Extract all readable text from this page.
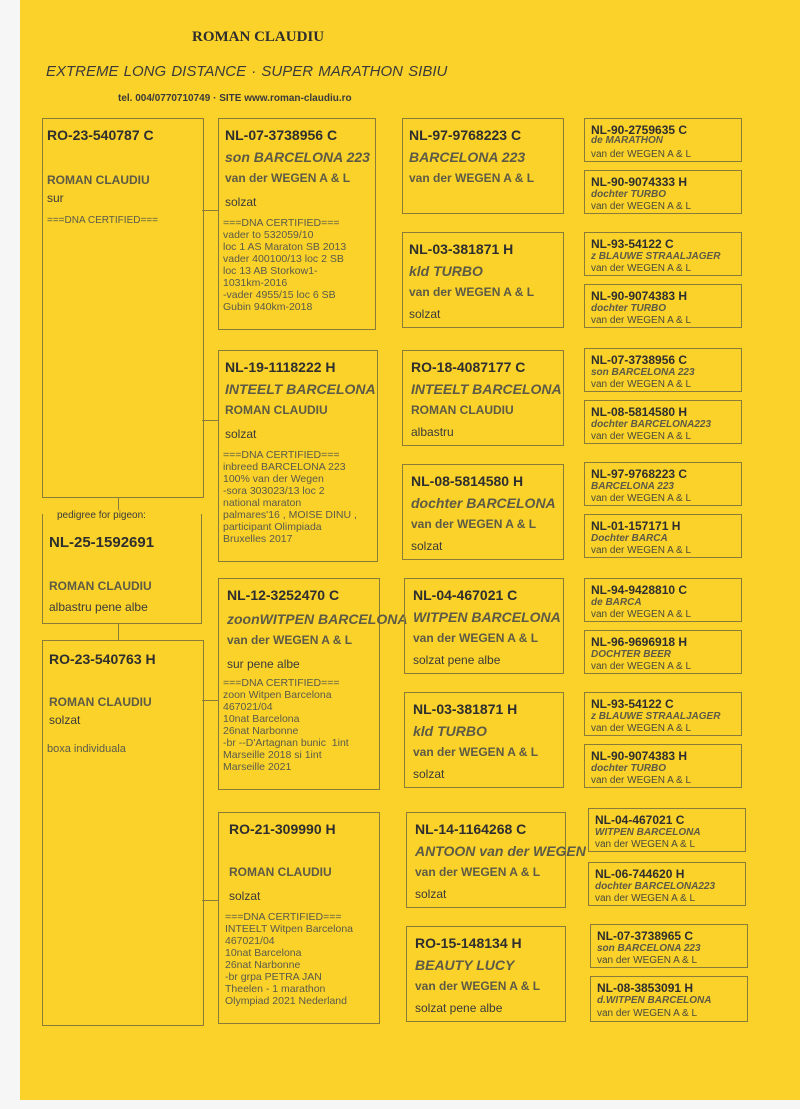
ROMAN CLAUDIU
EXTREME LONG DISTANCE · SUPER MARATHON SIBIU
tel. 004/0770710749 · SITE www.roman-claudiu.ro
RO-23-540787 C
ROMAN CLAUDIU
sur
===DNA CERTIFIED===
pedigree for pigeon:
NL-25-1592691
ROMAN CLAUDIU
albastru pene albe
RO-23-540763 H
ROMAN CLAUDIU
solzat
boxa individuala
NL-07-3738956 C
son BARCELONA 223
van der WEGEN A & L
solzat
===DNA CERTIFIED===
vader to 532059/10
loc 1 AS Maraton SB 2013
vader 400100/13 loc 2 SB
loc 13 AB Storkow1-
1031km-2016
-vader 4955/15 loc 6 SB
Gubin 940km-2018
NL-19-1118222 H
INTEELT BARCELONA
ROMAN CLAUDIU
solzat
===DNA CERTIFIED===
inbreed BARCELONA 223
100% van der Wegen
-sora 303023/13 loc 2
national maraton
palmares'16 , MOISE DINU ,
participant Olimpiada
Bruxelles 2017
NL-12-3252470 C
zoonWITPEN BARCELONA
van der WEGEN A & L
sur pene albe
===DNA CERTIFIED===
zoon Witpen Barcelona
467021/04
10nat Barcelona
26nat Narbonne
-br --D'Artagnan bunic  1int
Marseille 2018 si 1int
Marseille 2021
RO-21-309990 H
ROMAN CLAUDIU
solzat
===DNA CERTIFIED===
INTEELT Witpen Barcelona
467021/04
10nat Barcelona
26nat Narbonne
-br grpa PETRA JAN
Theelen - 1 marathon
Olympiad 2021 Nederland
NL-97-9768223 C
BARCELONA 223
van der WEGEN A & L
NL-03-381871 H
kld TURBO
van der WEGEN A & L
solzat
RO-18-4087177 C
INTEELT BARCELONA
ROMAN CLAUDIU
albastru
NL-08-5814580 H
dochter BARCELONA
van der WEGEN A & L
solzat
NL-04-467021 C
WITPEN BARCELONA
van der WEGEN A & L
solzat pene albe
NL-03-381871 H
kld TURBO
van der WEGEN A & L
solzat
NL-14-1164268 C
ANTOON van der WEGEN
van der WEGEN A & L
solzat
RO-15-148134 H
BEAUTY LUCY
van der WEGEN A & L
solzat pene albe
NL-90-2759635 C
de MARATHON
van der WEGEN A & L
NL-90-9074333 H
dochter TURBO
van der WEGEN A & L
NL-93-54122 C
z BLAUWE STRAALJAGER
van der WEGEN A & L
NL-90-9074383 H
dochter TURBO
van der WEGEN A & L
NL-07-3738956 C
son BARCELONA 223
van der WEGEN A & L
NL-08-5814580 H
dochter BARCELONA223
van der WEGEN A & L
NL-97-9768223 C
BARCELONA 223
van der WEGEN A & L
NL-01-157171 H
Dochter BARCA
van der WEGEN A & L
NL-94-9428810 C
de BARCA
van der WEGEN A & L
NL-96-9696918 H
DOCHTER BEER
van der WEGEN A & L
NL-93-54122 C
z BLAUWE STRAALJAGER
van der WEGEN A & L
NL-90-9074383 H
dochter TURBO
van der WEGEN A & L
NL-04-467021 C
WITPEN BARCELONA
van der WEGEN A & L
NL-06-744620 H
dochter BARCELONA223
van der WEGEN A & L
NL-07-3738965 C
son BARCELONA 223
van der WEGEN A & L
NL-08-3853091 H
d.WITPEN BARCELONA
van der WEGEN A & L
